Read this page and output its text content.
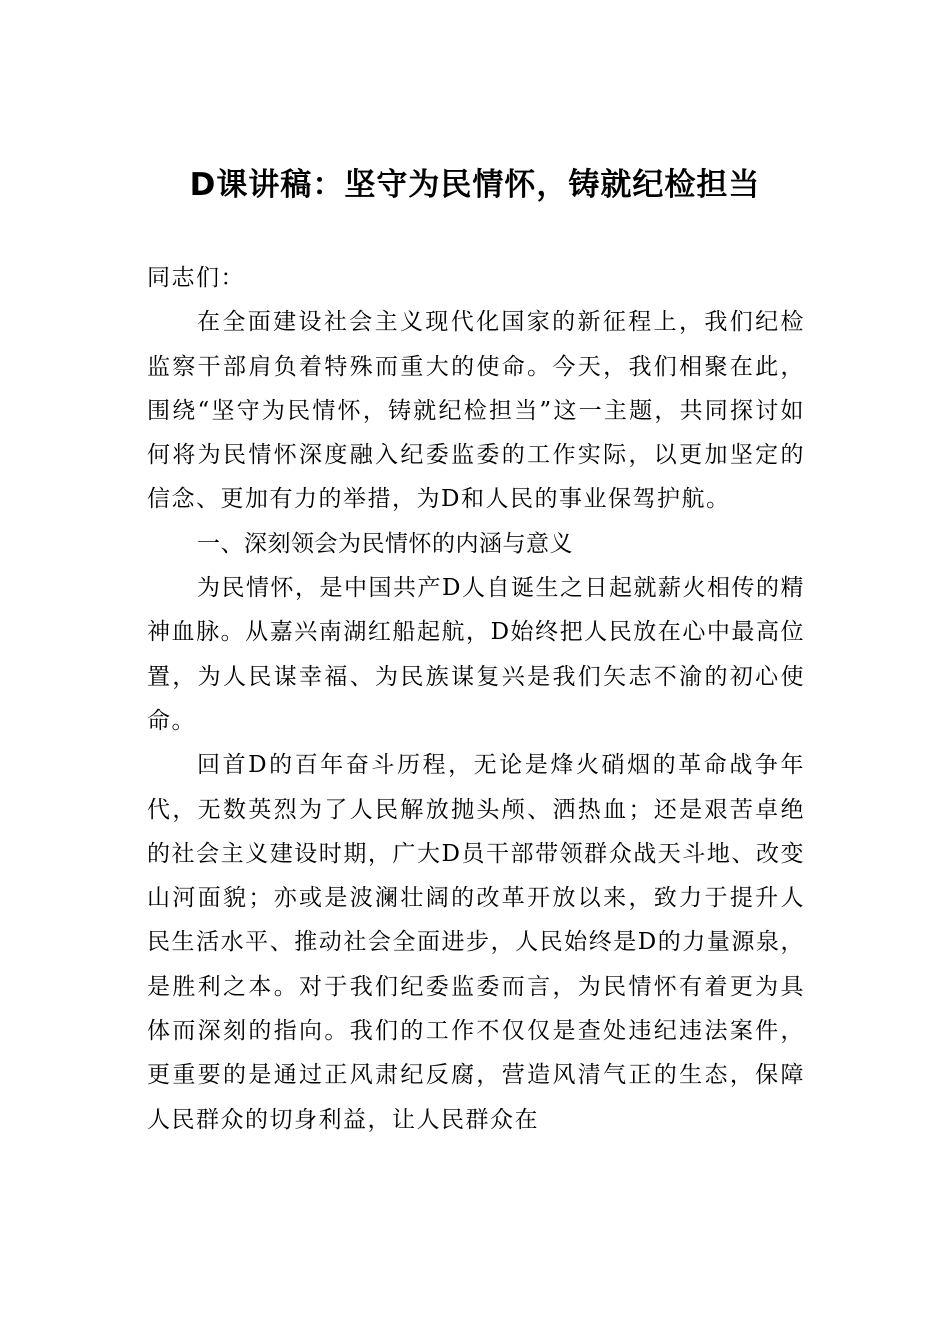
D课讲稿：坚守为民情怀，铸就纪检担当

同志们：

在全面建设社会主义现代化国家的新征程上，我们纪检监察干部肩负着特殊而重大的使命。今天，我们相聚在此，围绕“坚守为民情怀，铸就纪检担当”这一主题，共同探讨如何将为民情怀深度融入纪委监委的工作实际，以更加坚定的信念、更加有力的举措，为D和人民的事业保驾护航。

一、深刻领会为民情怀的内涵与意义

为民情怀，是中国共产D人自诞生之日起就薪火相传的精神血脉。从嘉兴南湖红船起航，D始终把人民放在心中最高位置，为人民谋幸福、为民族谋复兴是我们矢志不渝的初心使命。

回首D的百年奋斗历程，无论是烽火硝烟的革命战争年代，无数英烈为了人民解放抛头颅、洒热血；还是艰苦卓绝的社会主义建设时期，广大D员干部带领群众战天斗地、改变山河面貌；亦或是波澜壮阔的改革开放以来，致力于提升人民生活水平、推动社会全面进步，人民始终是D的力量源泉，是胜利之本。对于我们纪委监委而言，为民情怀有着更为具体而深刻的指向。我们的工作不仅仅是查处违纪违法案件，更重要的是通过正风肃纪反腐，营造风清气正的生态，保障人民群众的切身利益，让人民群众在
